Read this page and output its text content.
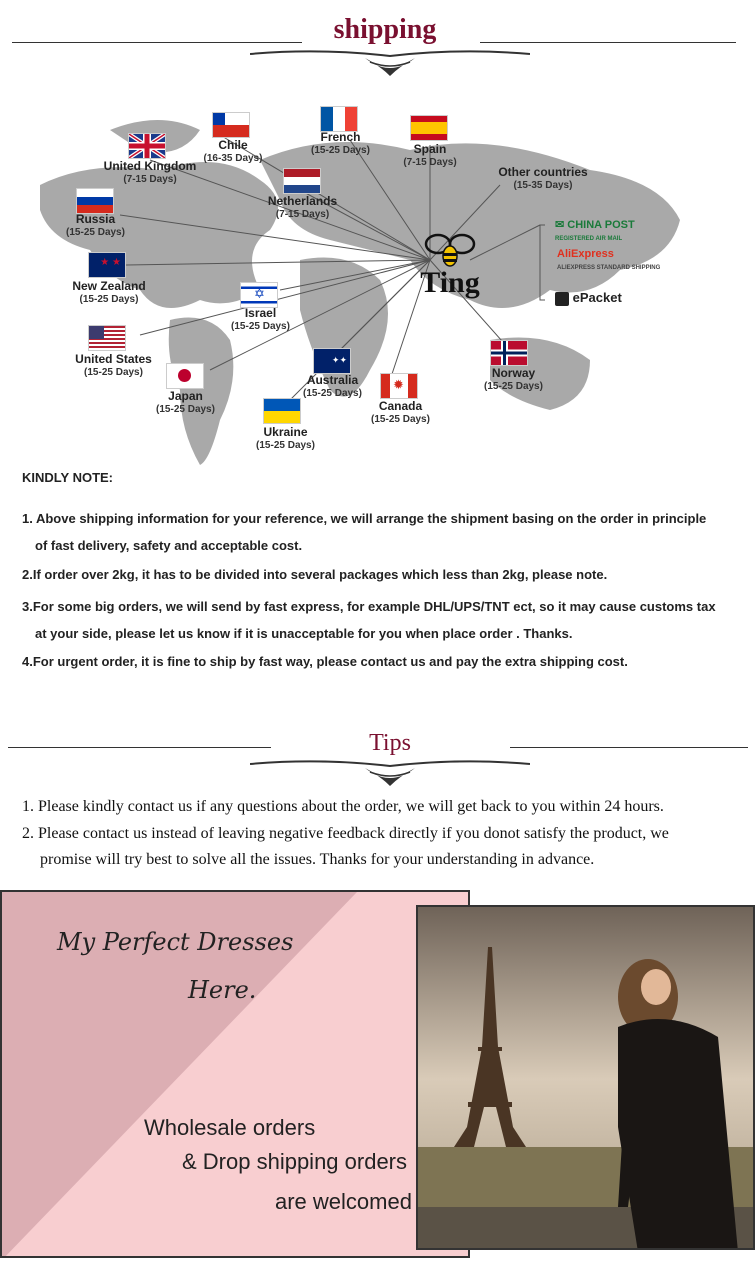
shipping
★ ★
✡
✦✦
✹
Chile
(16-35 Days)
French
(15-25 Days)	Spain
(7-15 Days)
United Kingdom
(7-15 Days)
Netherlands
(7-15 Days)
Other countries
(15-35 Days)
Russia
(15-25 Days)
New Zealand
(15-25 Days)
Israel
(15-25 Days)
United States
(15-25 Days)
Japan
(15-25 Days)
Australia
(15-25 Days)
Canada
(15-25 Days)
Ukraine
(15-25 Days)
Norway
(15-25 Days)
Ting
✉ CHINA POST
REGISTERED AIR MAIL
AliExpress
ALIEXPRESS STANDARD SHIPPING
ePacket
KINDLY NOTE:
1. Above shipping information for your reference, we will arrange the shipment basing on the order in principle
of fast delivery, safety and acceptable cost.
2.If order over 2kg, it has to be divided into several packages which less than 2kg, please note.
3.For some big orders, we will send by fast express, for example DHL/UPS/TNT ect, so it may cause customs tax
at your side, please let us know if it is unacceptable for you when place order . Thanks.
4.For urgent order, it is fine to ship by fast way, please contact us and pay the extra shipping cost.
Tips
1. Please kindly contact us if any questions about the order, we will get back to you within 24 hours.
2. Please contact us instead of leaving negative feedback directly if you donot satisfy the product, we
promise will try best to solve all the issues. Thanks for your understanding in advance.
My Perfect Dresses
Here.
Wholesale orders
& Drop shipping orders
are welcomed
